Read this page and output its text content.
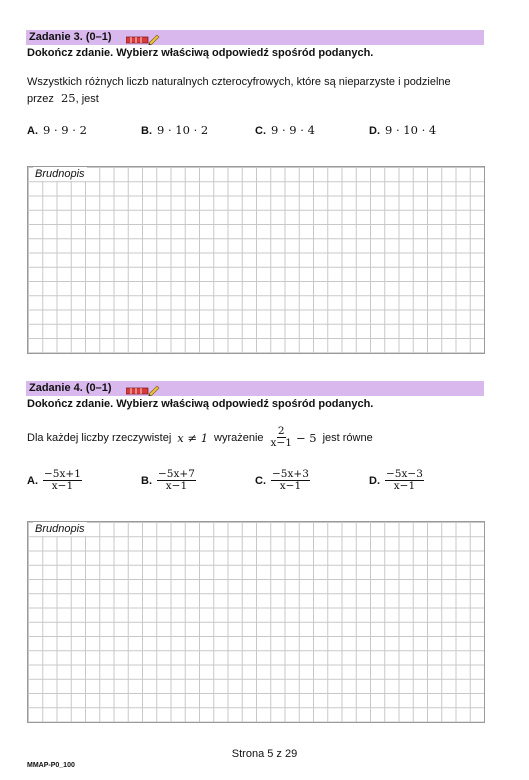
Zadanie 3. (0–1)
Dokończ zdanie. Wybierz właściwą odpowiedź spośród podanych.
Wszystkich różnych liczb naturalnych czterocyfrowych, które są nieparzyste i podzielne
przez 25, jest
A. 9 · 9 · 2	B. 9 · 10 · 2	C. 9 · 9 · 4	D. 9 · 10 · 4
Brudnopis
Zadanie 4. (0–1)
Dokończ zdanie. Wybierz właściwą odpowiedź spośród podanych.
Dla każdej liczby rzeczywistej x ≠ 1 wyrażenie $\frac{2}{x-1} - 5$ jest równe
A. $\frac{-5x+1}{x-1}$	B. $\frac{-5x+7}{x-1}$	C. $\frac{-5x+3}{x-1}$	D. $\frac{-5x-3}{x-1}$
Brudnopis
Strona 5 z 29
MMAP-P0_100
